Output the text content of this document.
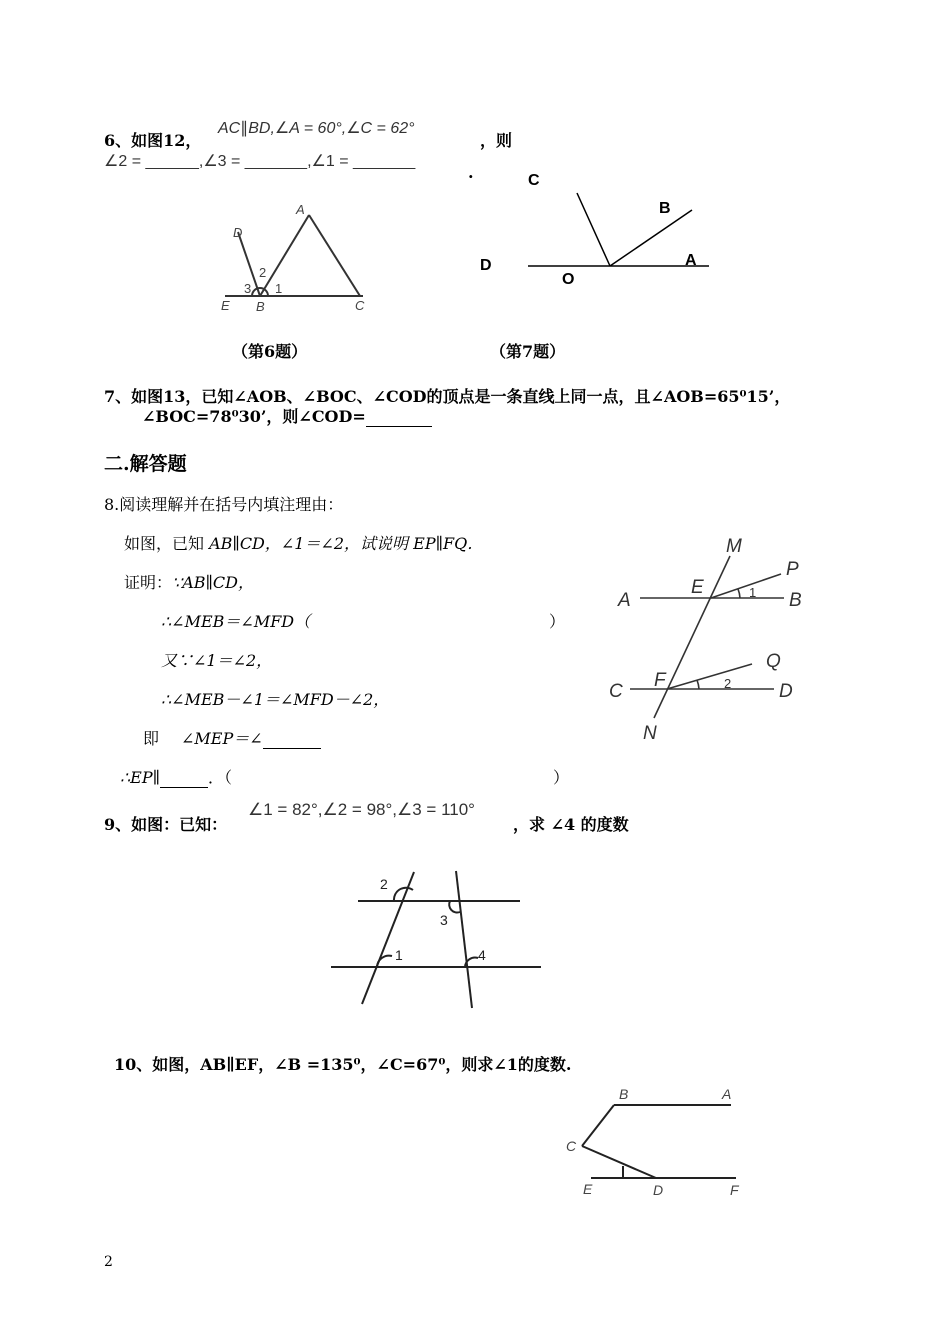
6、如图12，
AC∥BD,∠A = 60°,∠C = 62°
，则
∠2 = ______,∠3 = _______,∠1 = _______
.
D
A
2
3 1
E B	C
（第6题）
C
B
D	A
O
（第7题）
7、如图13，已知∠AOB、∠BOC、∠COD的顶点是一条直线上同一点，且∠AOB=65⁰15’，
∠BOC=78⁰30’，则∠COD=
二.解答题
8.阅读理解并在括号内填注理由：
如图，已知 AB∥CD，∠1＝∠2，试说明 EP∥FQ．
证明：∵AB∥CD，
∴∠MEB＝∠MFD（	）
又∵∠1＝∠2，
∴∠MEB－∠1＝∠MFD－∠2，
即 ∠MEP＝∠
∴EP∥	．（	）
M
P
A
E
B
1
Q
C
F
D
2
N
9、如图：已知：
∠1 = 82°,∠2 = 98°,∠3 = 110°
，求 ∠4 的度数
2
3
1	4
10、如图，AB∥EF，∠B =135⁰，∠C=67⁰，则求∠1的度数.
B	A
C
E	D	F
2
